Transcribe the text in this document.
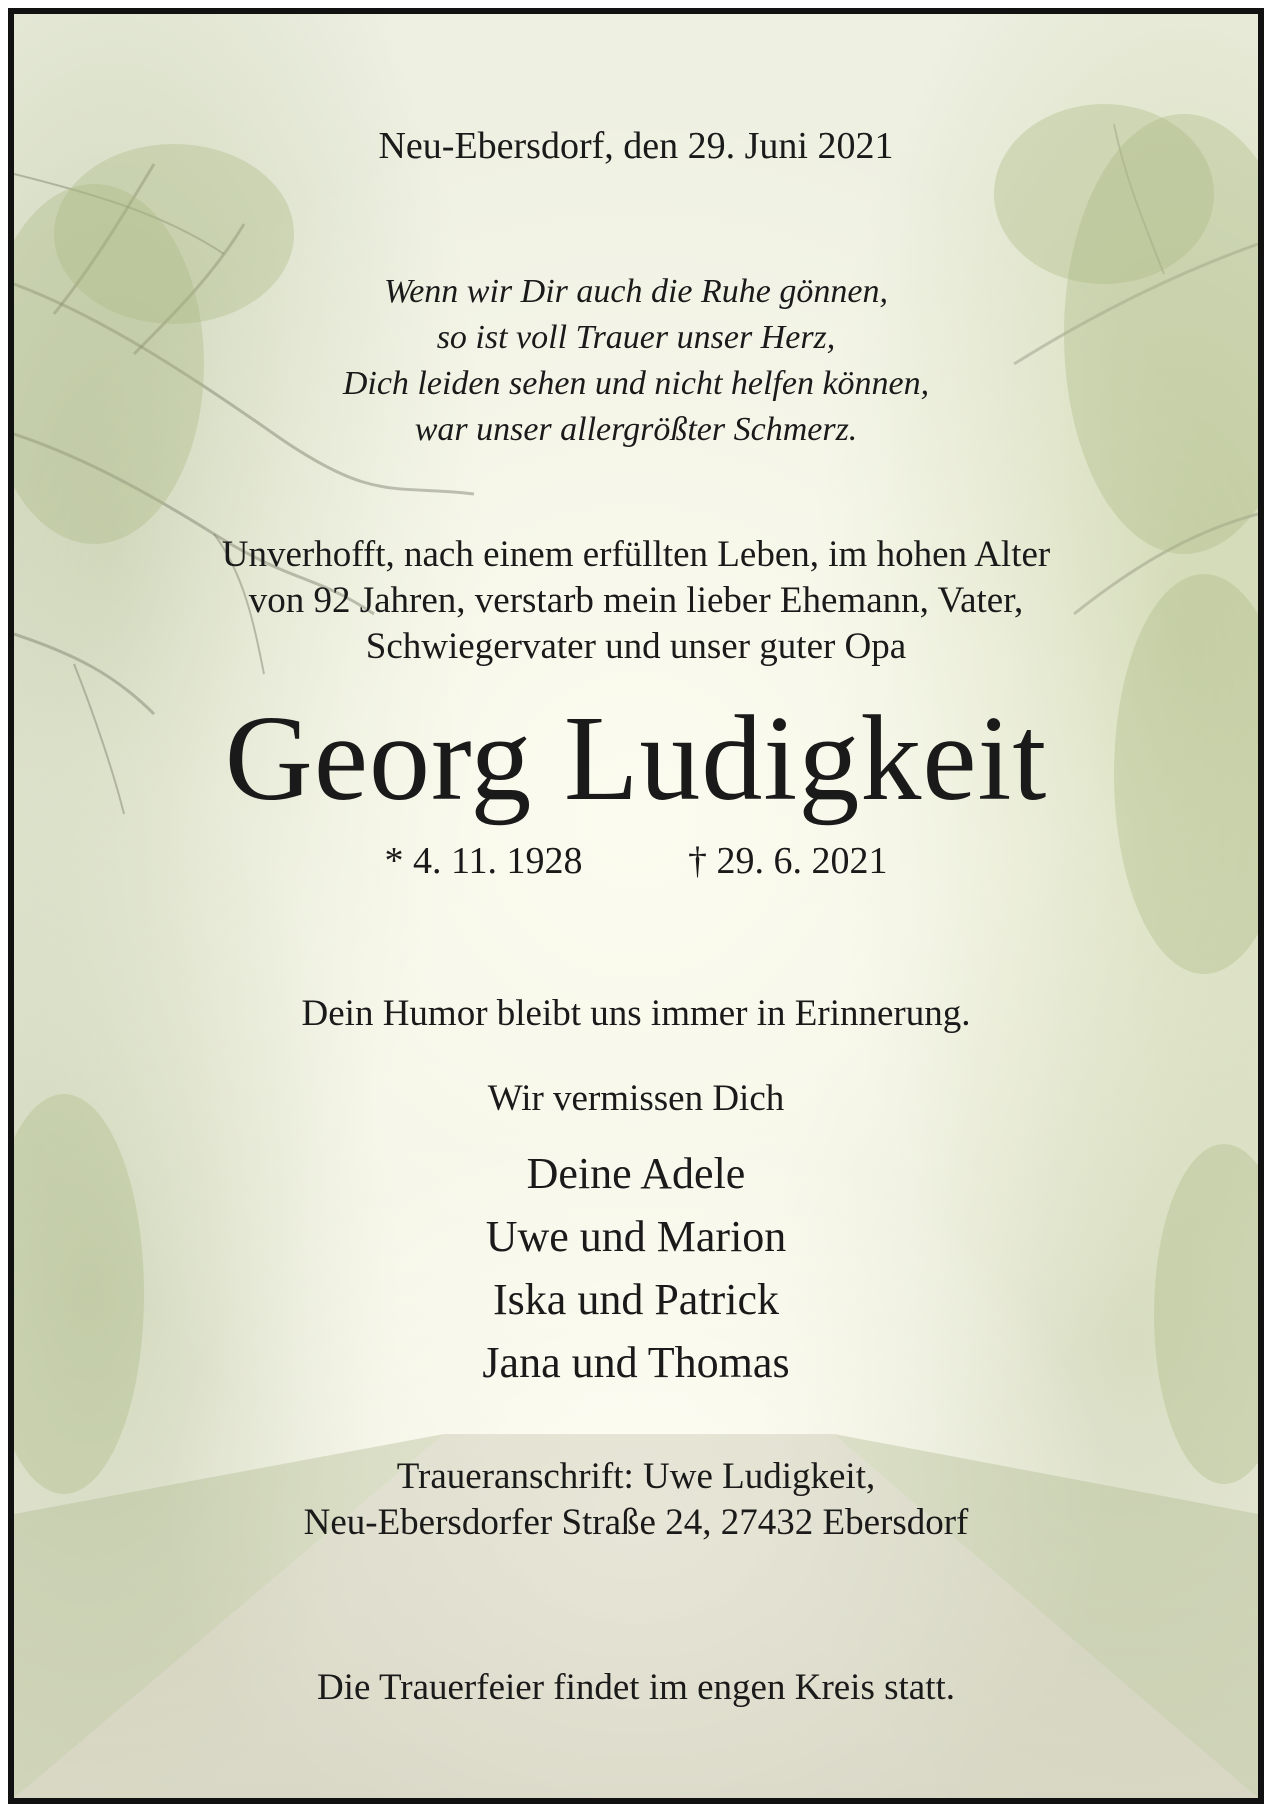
Neu-Ebersdorf, den 29. Juni 2021
Wenn wir Dir auch die Ruhe gönnen,
so ist voll Trauer unser Herz,
Dich leiden sehen und nicht helfen können,
war unser allergrößter Schmerz.
Unverhofft, nach einem erfüllten Leben, im hohen Alter
von 92 Jahren, verstarb mein lieber Ehemann, Vater,
Schwiegervater und unser guter Opa
Georg Ludigkeit
* 4. 11. 1928	† 29. 6. 2021
Dein Humor bleibt uns immer in Erinnerung.
Wir vermissen Dich
Deine Adele
Uwe und Marion
Iska und Patrick
Jana und Thomas
Traueranschrift: Uwe Ludigkeit,
Neu-Ebersdorfer Straße 24, 27432 Ebersdorf
Die Trauerfeier findet im engen Kreis statt.
